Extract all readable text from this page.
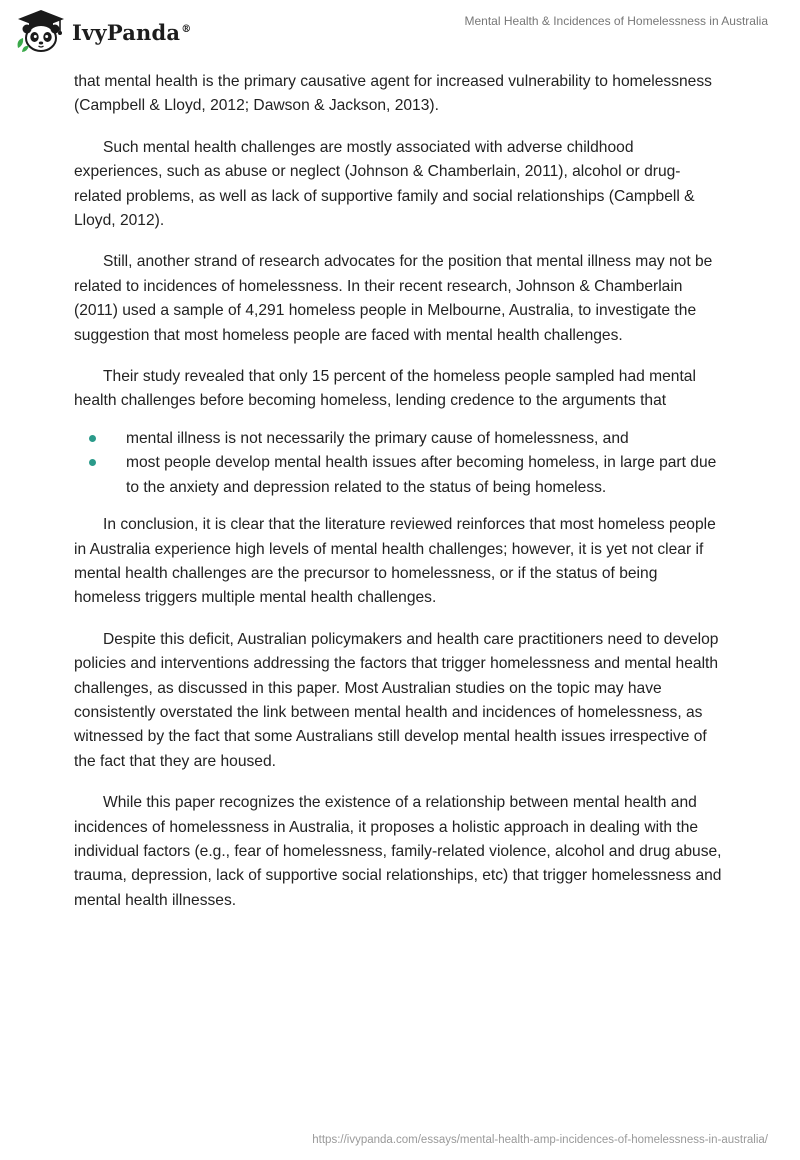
IvyPanda®
Mental Health & Incidences of Homelessness in Australia

that mental health is the primary causative agent for increased vulnerability to homelessness (Campbell & Lloyd, 2012; Dawson & Jackson, 2013).

Such mental health challenges are mostly associated with adverse childhood experiences, such as abuse or neglect (Johnson & Chamberlain, 2011), alcohol or drug-related problems, as well as lack of supportive family and social relationships (Campbell & Lloyd, 2012).

Still, another strand of research advocates for the position that mental illness may not be related to incidences of homelessness. In their recent research, Johnson & Chamberlain (2011) used a sample of 4,291 homeless people in Melbourne, Australia, to investigate the suggestion that most homeless people are faced with mental health challenges.

Their study revealed that only 15 percent of the homeless people sampled had mental health challenges before becoming homeless, lending credence to the arguments that

mental illness is not necessarily the primary cause of homelessness, and
most people develop mental health issues after becoming homeless, in large part due to the anxiety and depression related to the status of being homeless.

In conclusion, it is clear that the literature reviewed reinforces that most homeless people in Australia experience high levels of mental health challenges; however, it is yet not clear if mental health challenges are the precursor to homelessness, or if the status of being homeless triggers multiple mental health challenges.

Despite this deficit, Australian policymakers and health care practitioners need to develop policies and interventions addressing the factors that trigger homelessness and mental health challenges, as discussed in this paper. Most Australian studies on the topic may have consistently overstated the link between mental health and incidences of homelessness, as witnessed by the fact that some Australians still develop mental health issues irrespective of the fact that they are housed.

While this paper recognizes the existence of a relationship between mental health and incidences of homelessness in Australia, it proposes a holistic approach in dealing with the individual factors (e.g., fear of homelessness, family-related violence, alcohol and drug abuse, trauma, depression, lack of supportive social relationships, etc) that trigger homelessness and mental health illnesses.

https://ivypanda.com/essays/mental-health-amp-incidences-of-homelessness-in-australia/
